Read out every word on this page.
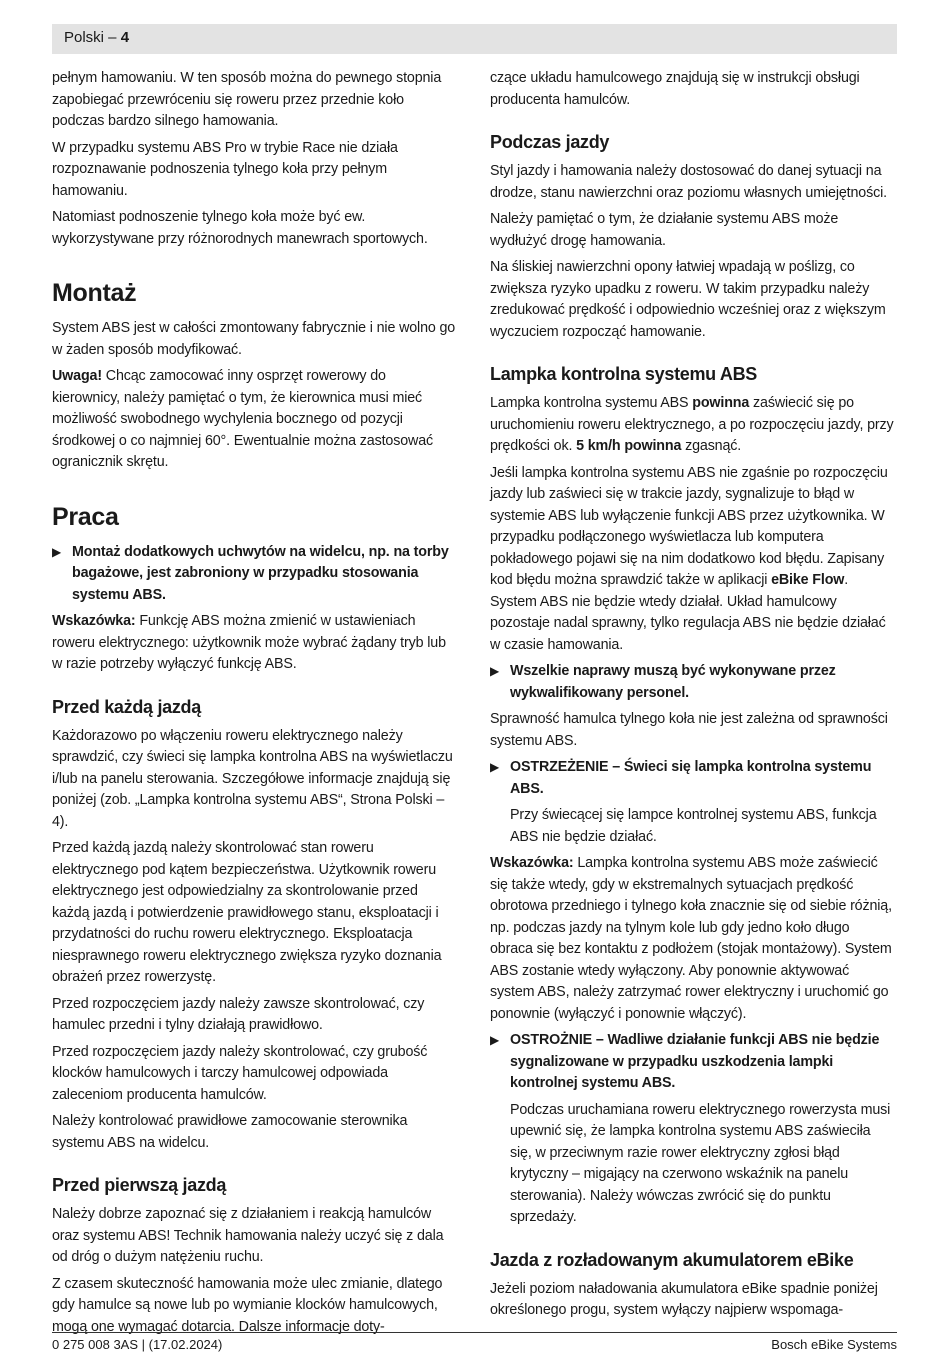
Polski – 4

pełnym hamowaniu. W ten sposób można do pewnego stopnia zapobiegać przewróceniu się roweru przez przednie koło podczas bardzo silnego hamowania.

W przypadku systemu ABS Pro w trybie Race nie działa rozpoznawanie podnoszenia tylnego koła przy pełnym hamowaniu.

Natomiast podnoszenie tylnego koła może być ew. wykorzystywane przy różnorodnych manewrach sportowych.

Montaż

System ABS jest w całości zmontowany fabrycznie i nie wolno go w żaden sposób modyfikować.

Uwaga! Chcąc zamocować inny osprzęt rowerowy do kierownicy, należy pamiętać o tym, że kierownica musi mieć możliwość swobodnego wychylenia bocznego od pozycji środkowej o co najmniej 60°. Ewentualnie można zastosować ogranicznik skrętu.

Praca
▶ Montaż dodatkowych uchwytów na widelcu, np. na torby bagażowe, jest zabroniony w przypadku stosowania systemu ABS.

Wskazówka: Funkcję ABS można zmienić w ustawieniach roweru elektrycznego: użytkownik może wybrać żądany tryb lub w razie potrzeby wyłączyć funkcję ABS.

Przed każdą jazdą

Każdorazowo po włączeniu roweru elektrycznego należy sprawdzić, czy świeci się lampka kontrolna ABS na wyświetlaczu i/lub na panelu sterowania. Szczegółowe informacje znajdują się poniżej (zob. „Lampka kontrolna systemu ABS“, Strona Polski – 4).

Przed każdą jazdą należy skontrolować stan roweru elektrycznego pod kątem bezpieczeństwa. Użytkownik roweru elektrycznego jest odpowiedzialny za skontrolowanie przed każdą jazdą i potwierdzenie prawidłowego stanu, eksploatacji i przydatności do ruchu roweru elektrycznego. Eksploatacja niesprawnego roweru elektrycznego zwiększa ryzyko doznania obrażeń przez rowerzystę.

Przed rozpoczęciem jazdy należy zawsze skontrolować, czy hamulec przedni i tylny działają prawidłowo.

Przed rozpoczęciem jazdy należy skontrolować, czy grubość klocków hamulcowych i tarczy hamulcowej odpowiada zaleceniom producenta hamulców.

Należy kontrolować prawidłowe zamocowanie sterownika systemu ABS na widelcu.

Przed pierwszą jazdą

Należy dobrze zapoznać się z działaniem i reakcją hamulców oraz systemu ABS! Technik hamowania należy uczyć się z dala od dróg o dużym natężeniu ruchu.

Z czasem skuteczność hamowania może ulec zmianie, dlatego gdy hamulce są nowe lub po wymianie klocków hamulcowych, mogą one wymagać dotarcia. Dalsze informacje doty-

czące układu hamulcowego znajdują się w instrukcji obsługi producenta hamulców.

Podczas jazdy

Styl jazdy i hamowania należy dostosować do danej sytuacji na drodze, stanu nawierzchni oraz poziomu własnych umiejętności.

Należy pamiętać o tym, że działanie systemu ABS może wydłużyć drogę hamowania.

Na śliskiej nawierzchni opony łatwiej wpadają w poślizg, co zwiększa ryzyko upadku z roweru. W takim przypadku należy zredukować prędkość i odpowiednio wcześniej oraz z większym wyczuciem rozpocząć hamowanie.

Lampka kontrolna systemu ABS

Lampka kontrolna systemu ABS powinna zaświecić się po uruchomieniu roweru elektrycznego, a po rozpoczęciu jazdy, przy prędkości ok. 5 km/h powinna zgasnąć.

Jeśli lampka kontrolna systemu ABS nie zgaśnie po rozpoczęciu jazdy lub zaświeci się w trakcie jazdy, sygnalizuje to błąd w systemie ABS lub wyłączenie funkcji ABS przez użytkownika. W przypadku podłączonego wyświetlacza lub komputera pokładowego pojawi się na nim dodatkowo kod błędu. Zapisany kod błędu można sprawdzić także w aplikacji eBike Flow. System ABS nie będzie wtedy działał. Układ hamulcowy pozostaje nadal sprawny, tylko regulacja ABS nie będzie działać w czasie hamowania.

▶ Wszelkie naprawy muszą być wykonywane przez wykwalifikowany personel.

Sprawność hamulca tylnego koła nie jest zależna od sprawności systemu ABS.

▶ OSTRZEŻENIE – Świeci się lampka kontrolna systemu ABS.

Przy świecącej się lampce kontrolnej systemu ABS, funkcja ABS nie będzie działać.

Wskazówka: Lampka kontrolna systemu ABS może zaświecić się także wtedy, gdy w ekstremalnych sytuacjach prędkość obrotowa przedniego i tylnego koła znacznie się od siebie różnią, np. podczas jazdy na tylnym kole lub gdy jedno koło długo obraca się bez kontaktu z podłożem (stojak montażowy). System ABS zostanie wtedy wyłączony. Aby ponownie aktywować system ABS, należy zatrzymać rower elektryczny i uruchomić go ponownie (wyłączyć i ponownie włączyć).

▶ OSTROŻNIE – Wadliwe działanie funkcji ABS nie będzie sygnalizowane w przypadku uszkodzenia lampki kontrolnej systemu ABS.

Podczas uruchamiana roweru elektrycznego rowerzysta musi upewnić się, że lampka kontrolna systemu ABS zaświeciła się, w przeciwnym razie rower elektryczny zgłosi błąd krytyczny – migający na czerwono wskaźnik na panelu sterowania). Należy wówczas zwrócić się do punktu sprzedaży.

Jazda z rozładowanym akumulatorem eBike

Jeżeli poziom naładowania akumulatora eBike spadnie poniżej określonego progu, system wyłączy najpierw wspomaga-

0 275 008 3AS | (17.02.2024)	Bosch eBike Systems
